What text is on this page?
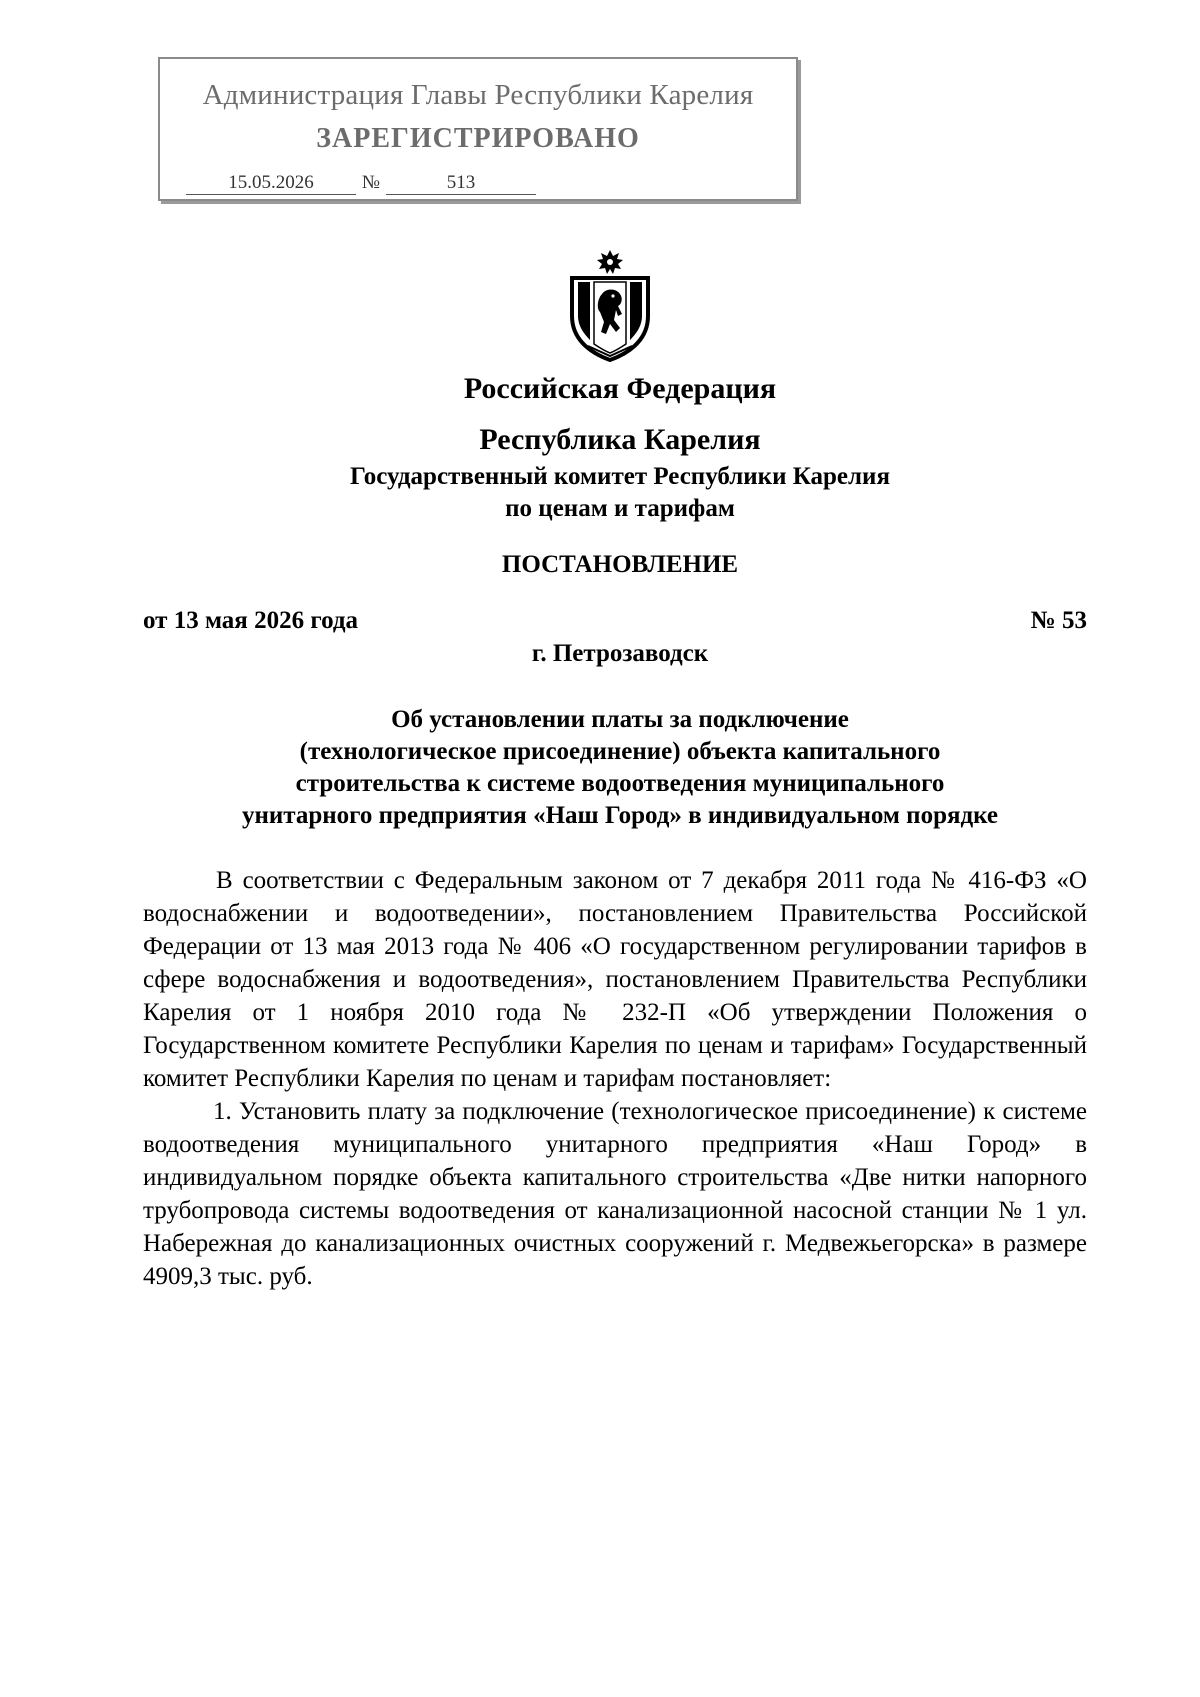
Администрация Главы Республики Карелия
ЗАРЕГИСТРИРОВАНО
15.05.2026	№	513
Российская Федерация
Республика Карелия
Государственный комитет Республики Карелия
по ценам и тарифам
ПОСТАНОВЛЕНИЕ
от 13 мая 2026 года	№ 53
г. Петрозаводск
Об установлении платы за подключение
(технологическое присоединение) объекта капитального
строительства к системе водоотведения муниципального
унитарного предприятия «Наш Город» в индивидуальном порядке

В соответствии с Федеральным законом от 7 декабря 2011 года № 416-ФЗ «О водоснабжении и водоотведении», постановлением Правительства Российской Федерации от 13 мая 2013 года № 406 «О государственном регулировании тарифов в сфере водоснабжения и водоотведения», постановлением Правительства Республики Карелия от 1 ноября 2010 года № 232-П «Об утверждении Положения о Государственном комитете Республики Карелия по ценам и тарифам» Государственный комитет Республики Карелия по ценам и тарифам постановляет:

1. Установить плату за подключение (технологическое присоединение) к системе водоотведения муниципального унитарного предприятия «Наш Город» в индивидуальном порядке объекта капитального строительства «Две нитки напорного трубопровода системы водоотведения от канализационной насосной станции № 1 ул. Набережная до канализационных очистных сооружений г. Медвежьегорска» в размере 4909,3 тыс. руб.
